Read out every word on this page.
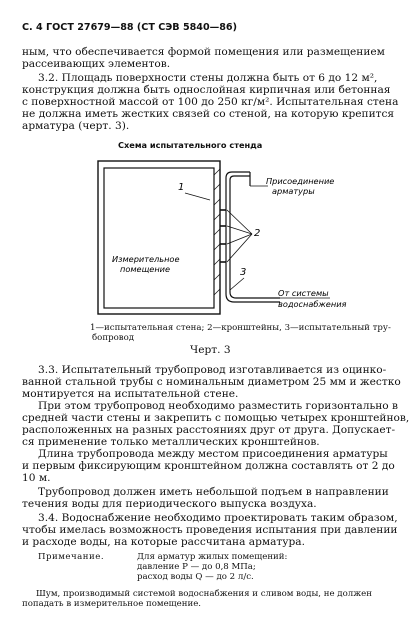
С. 4 ГОСТ 27679—88 (СТ СЭВ 5840—86)
ным, что обеспечивается формой помещения или размещением
рассеивающих элементов.
3.2. Площадь поверхности стены должна быть от 6 до 12 м²,
конструкция должна быть однослойная кирпичная или бетонная
с поверхностной массой от 100 до 250 кг/м². Испытательная стена
не должна иметь жестких связей со стеной, на которую крепится
арматура (черт. 3).
Схема испытательного стенда
1
2
3
Измерительное
помещение
Присоединение
арматуры
От системы
водоснабжения
1—испытательная стена; 2—кронштейны, 3—испытательный тру-
бопровод
Черт. 3
3.3. Испытательный трубопровод изготавливается из оцинко-
ванной стальной трубы с номинальным диаметром 25 мм и жестко
монтируется на испытательной стене.
При этом трубопровод необходимо разместить горизонтально в
средней части стены и закрепить с помощью четырех кронштейнов,
расположенных на разных расстояниях друг от друга. Допускает-
ся применение только металлических кронштейнов.
Длина трубопровода между местом присоединения арматуры
и первым фиксирующим кронштейном должна составлять от 2 до
10 м.
Трубопровод должен иметь небольшой подъем в направлении
течения воды для периодического выпуска воздуха.
3.4. Водоснабжение необходимо проектировать таким образом,
чтобы имелась возможность проведения испытания при давлении
и расходе воды, на которые рассчитана арматура.
Примечание.	Для арматур жилых помещений:
давление P — до 0,8 МПа;
расход воды Q — до 2 л/с.
Шум, производимый системой водоснабжения и сливом воды, не должен
попадать в измерительное помещение.
